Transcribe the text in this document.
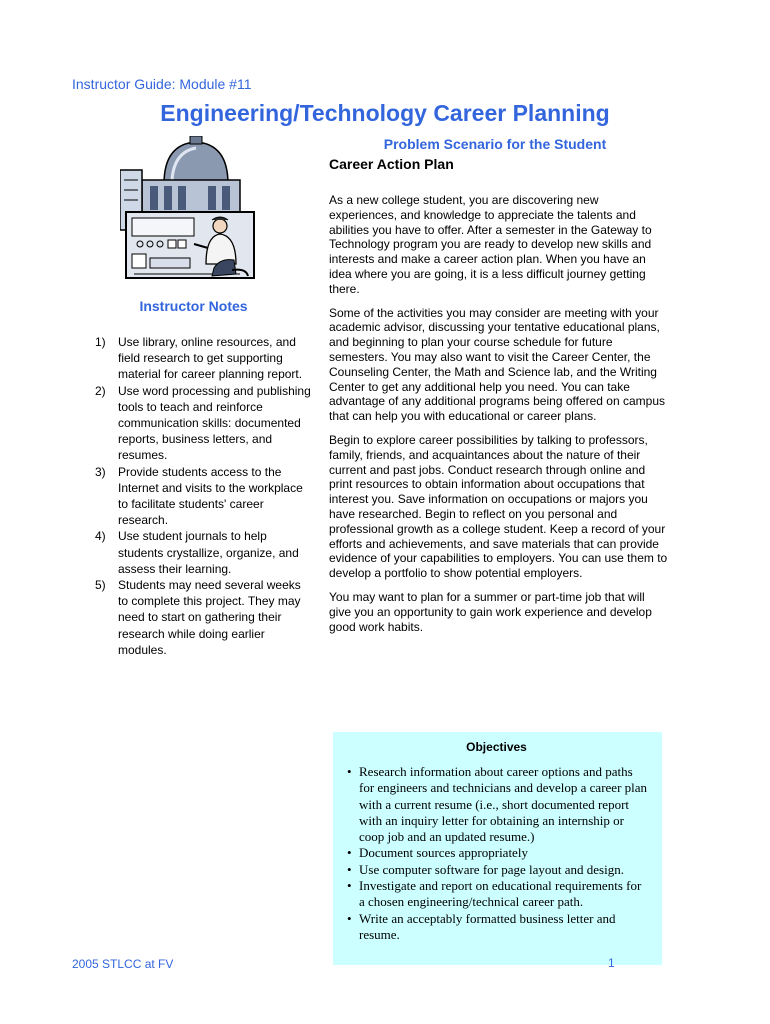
Instructor Guide: Module #11
Engineering/Technology Career Planning
Instructor Notes
1) Use library, online resources, and field research to get supporting material for career planning report.
2) Use word processing and publishing tools to teach and reinforce communication skills: documented reports, business letters, and resumes.
3) Provide students access to the Internet and visits to the workplace to facilitate students' career research.
4) Use student journals to help students crystallize, organize, and assess their learning.
5) Students may need several weeks to complete this project. They may need to start on gathering their research while doing earlier modules.
Problem Scenario for the Student
Career Action Plan

As a new college student, you are discovering new experiences, and knowledge to appreciate the talents and abilities you have to offer. After a semester in the Gateway to Technology program you are ready to develop new skills and interests and make a career action plan. When you have an idea where you are going, it is a less difficult journey getting there.

Some of the activities you may consider are meeting with your academic advisor, discussing your tentative educational plans, and beginning to plan your course schedule for future semesters. You may also want to visit the Career Center, the Counseling Center, the Math and Science lab, and the Writing Center to get any additional help you need. You can take advantage of any additional programs being offered on campus that can help you with educational or career plans.

Begin to explore career possibilities by talking to professors, family, friends, and acquaintances about the nature of their current and past jobs. Conduct research through online and print resources to obtain information about occupations that interest you. Save information on occupations or majors you have researched. Begin to reflect on you personal and professional growth as a college student. Keep a record of your efforts and achievements, and save materials that can provide evidence of your capabilities to employers. You can use them to develop a portfolio to show potential employers.

You may want to plan for a summer or part-time job that will give you an opportunity to gain work experience and develop good work habits.

Objectives
• Research information about career options and paths for engineers and technicians and develop a career plan with a current resume (i.e., short documented report with an inquiry letter for obtaining an internship or coop job and an updated resume.)
• Document sources appropriately
• Use computer software for page layout and design.
• Investigate and report on educational requirements for a chosen engineering/technical career path.
• Write an acceptably formatted business letter and resume.
2005 STLCC at FV	1
